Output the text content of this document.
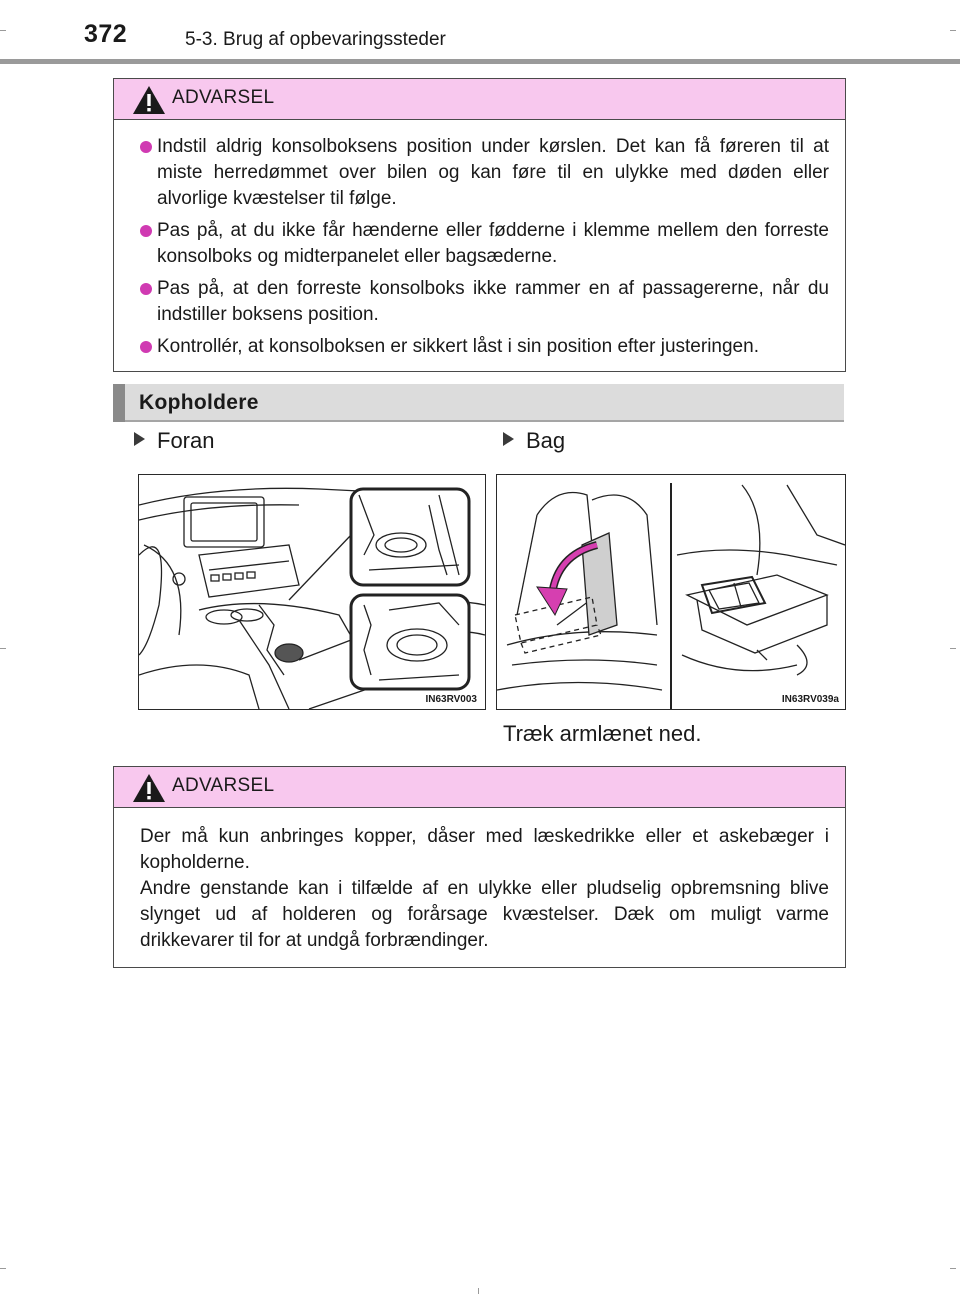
372	5-3. Brug af opbevaringssteder
ADVARSEL

Indstil aldrig konsolboksens position under kørslen. Det kan få føreren til at miste herredømmet over bilen og kan føre til en ulykke med døden eller alvorlige kvæstelser til følge.

Pas på, at du ikke får hænderne eller fødderne i klemme mellem den forreste konsolboks og midterpanelet eller bagsæderne.

Pas på, at den forreste konsolboks ikke rammer en af passagererne, når du indstiller boksens position.

Kontrollér, at konsolboksen er sikkert låst i sin position efter justeringen.

Kopholdere
Foran	Bag
IN63RV003	IN63RV039a
Træk armlænet ned.
ADVARSEL

Der må kun anbringes kopper, dåser med læskedrikke eller et askebæger i kopholderne.

Andre genstande kan i tilfælde af en ulykke eller pludselig opbremsning blive slynget ud af holderen og forårsage kvæstelser. Dæk om muligt varme drikkevarer til for at undgå forbrændinger.
